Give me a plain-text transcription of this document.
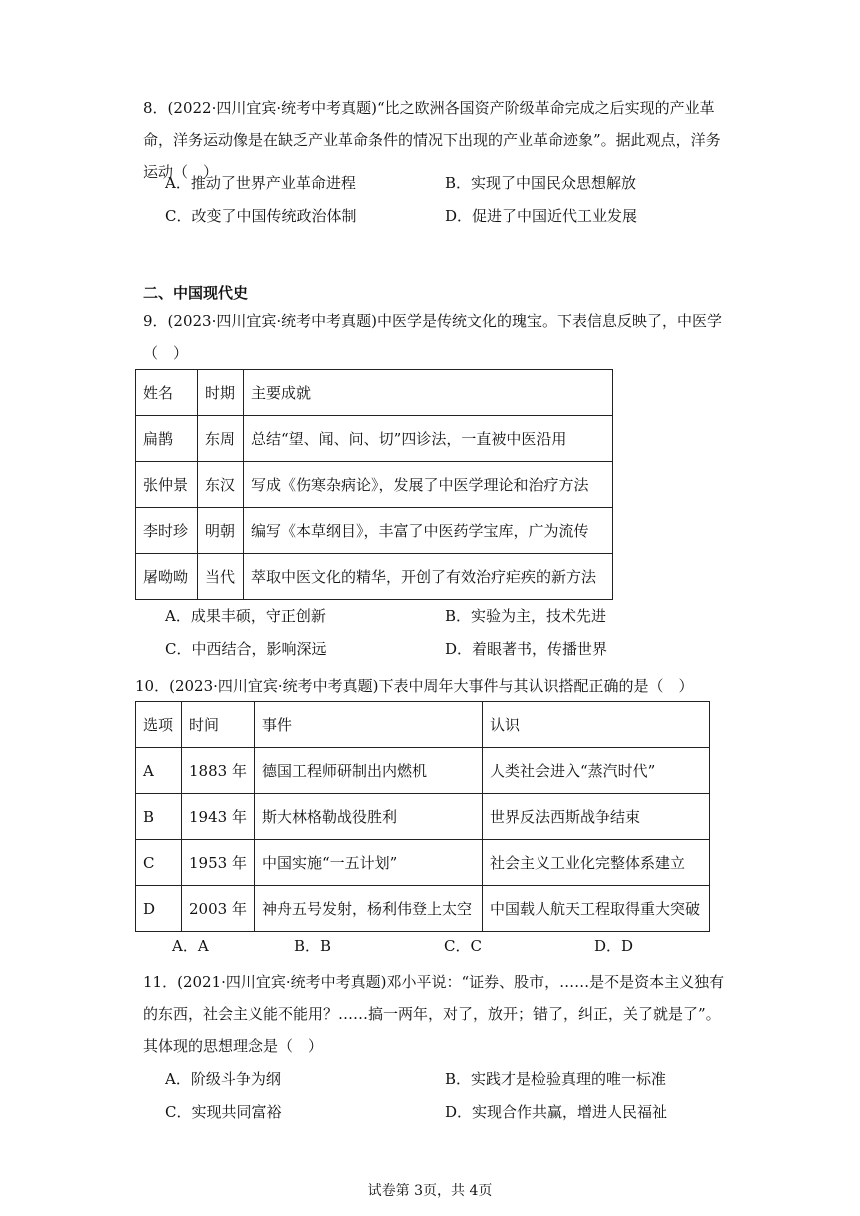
8．(2022·四川宜宾·统考中考真题)“比之欧洲各国资产阶级革命完成之后实现的产业革命，洋务运动像是在缺乏产业革命条件的情况下出现的产业革命迹象”。据此观点，洋务运动（　）
A．推动了世界产业革命进程	B．实现了中国民众思想解放
C．改变了中国传统政治体制	D．促进了中国近代工业发展
二、中国现代史
9．(2023·四川宜宾·统考中考真题)中医学是传统文化的瑰宝。下表信息反映了，中医学（　）
姓名	时期	主要成就
扁鹊	东周	总结“望、闻、问、切”四诊法，一直被中医沿用
张仲景	东汉	写成《伤寒杂病论》，发展了中医学理论和治疗方法
李时珍	明朝	编写《本草纲目》，丰富了中医药学宝库，广为流传
屠呦呦	当代	萃取中医文化的精华，开创了有效治疗疟疾的新方法
A．成果丰硕，守正创新	B．实验为主，技术先进
C．中西结合，影响深远	D．着眼著书，传播世界
10．(2023·四川宜宾·统考中考真题)下表中周年大事件与其认识搭配正确的是（　）
选项	时间	事件	认识
A	1883 年	德国工程师研制出内燃机	人类社会进入“蒸汽时代”
B	1943 年	斯大林格勒战役胜利	世界反法西斯战争结束
C	1953 年	中国实施“一五计划”	社会主义工业化完整体系建立
D	2003 年	神舟五号发射，杨利伟登上太空	中国载人航天工程取得重大突破
A．A	B．B	C．C	D．D
11．(2021·四川宜宾·统考中考真题)邓小平说：“证券、股市，……是不是资本主义独有的东西，社会主义能不能用？……搞一两年，对了，放开；错了，纠正，关了就是了”。其体现的思想理念是（　）
A．阶级斗争为纲	B．实践才是检验真理的唯一标准
C．实现共同富裕	D．实现合作共赢，增进人民福祉
试卷第 3页，共 4页
